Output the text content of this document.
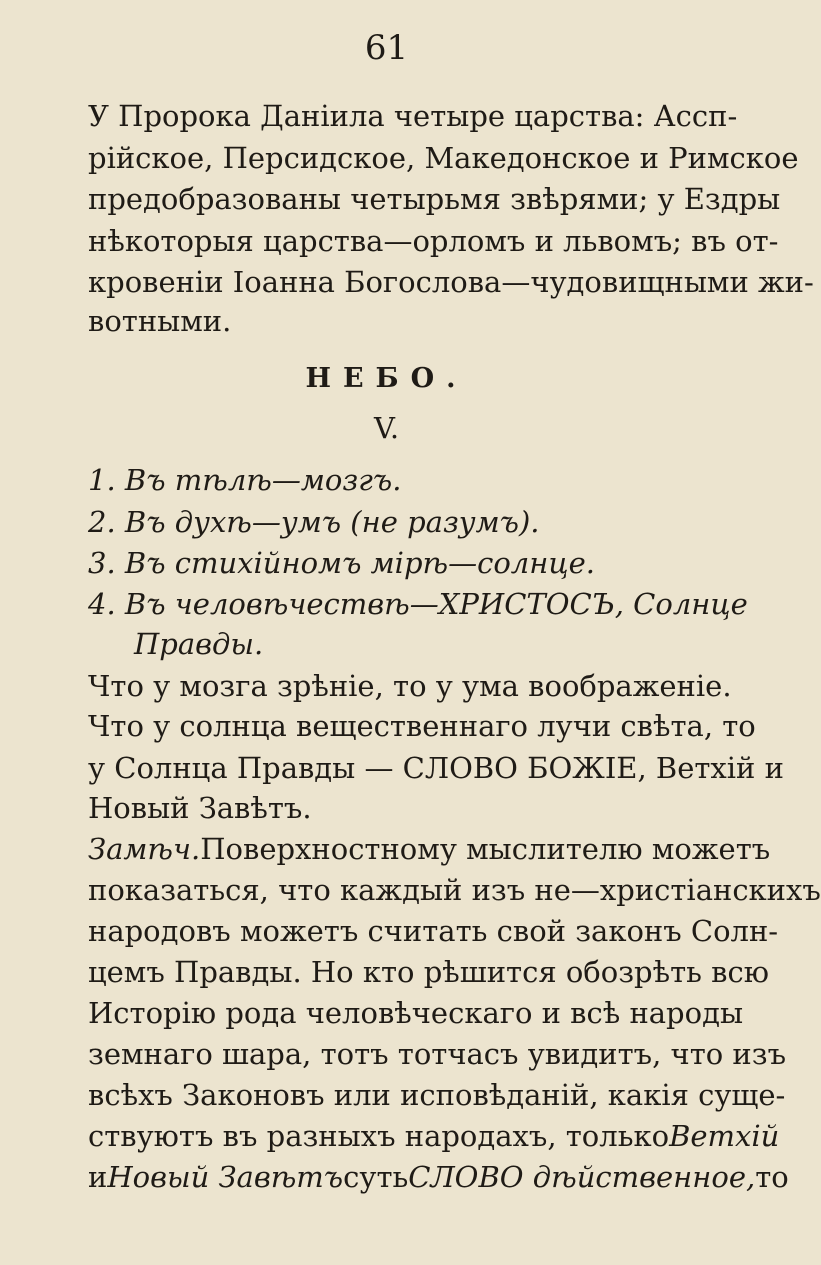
61
У Пророка Данiила четыре царства: Ассп-
рiйское, Персидское, Македонское и Римское
предобразованы четырьмя звѣрями; у Ездры
нѣкоторыя царства—орломъ и львомъ; въ от-
кровенiи Iоанна Богослова—чудовищными жи-
вотными.
НЕБО.
V.
1. Въ тѣлѣ—мозгъ.
2. Въ духѣ—умъ (не разумъ).
3. Въ стихiйномъ мiрѣ—солнце.
4. Въ человѣчествѣ—ХРИСТОСЪ, Солнце
Правды.
Что у мозга зрѣнiе, то у ума воображенiе.
Что у солнца вещественнаго лучи свѣта, то
у Солнца Правды — СЛОВО БОЖIЕ, Ветхiй и
Новый Завѣтъ.
Замѣч. Поверхностному мыслителю можетъ
показаться, что каждый изъ не—христiанскихъ
народовъ можетъ считать свой законъ Солн-
цемъ Правды. Но кто рѣшится обозрѣть всю
Исторiю рода человѣческаго и всѣ народы
земнаго шара, тотъ тотчасъ увидитъ, что изъ
всѣхъ Законовъ или исповѣданiй, какiя суще-
ствуютъ въ разныхъ народахъ, только Ветхiй
и Новый Завѣтъ суть СЛОВО дѣйственное, то
